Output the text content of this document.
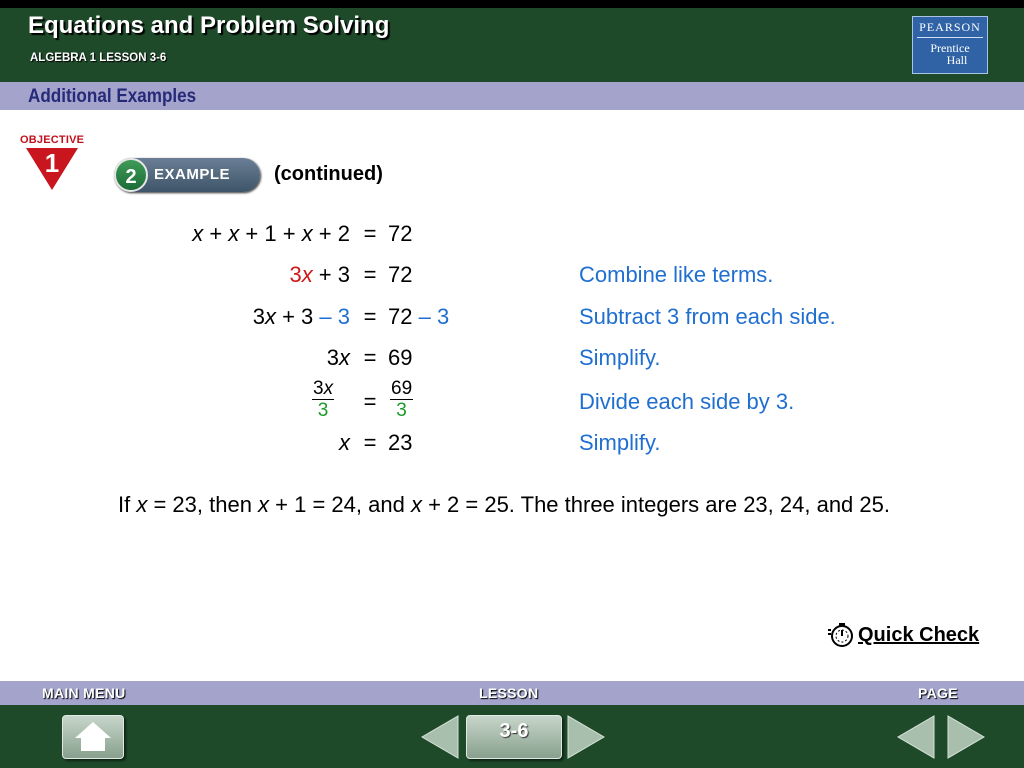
Equations and Problem Solving
ALGEBRA 1 LESSON 3-6
PEARSON
Prentice
Hall
Additional Examples
OBJECTIVE
1	2	EXAMPLE (continued)
x + x + 1 + x + 2 = 72
3x + 3 = 72	Combine like terms.
3x + 3 – 3 = 72 – 3	Subtract 3 from each side.
3x = 69	Simplify.
$\frac{3x}{3} = \frac{69}{3}$	Divide each side by 3.
x = 23	Simplify.
If x = 23, then x + 1 = 24, and x + 2 = 25. The three integers are 23, 24, and 25.
Quick Check
MAIN MENU	LESSON	PAGE
3-6
